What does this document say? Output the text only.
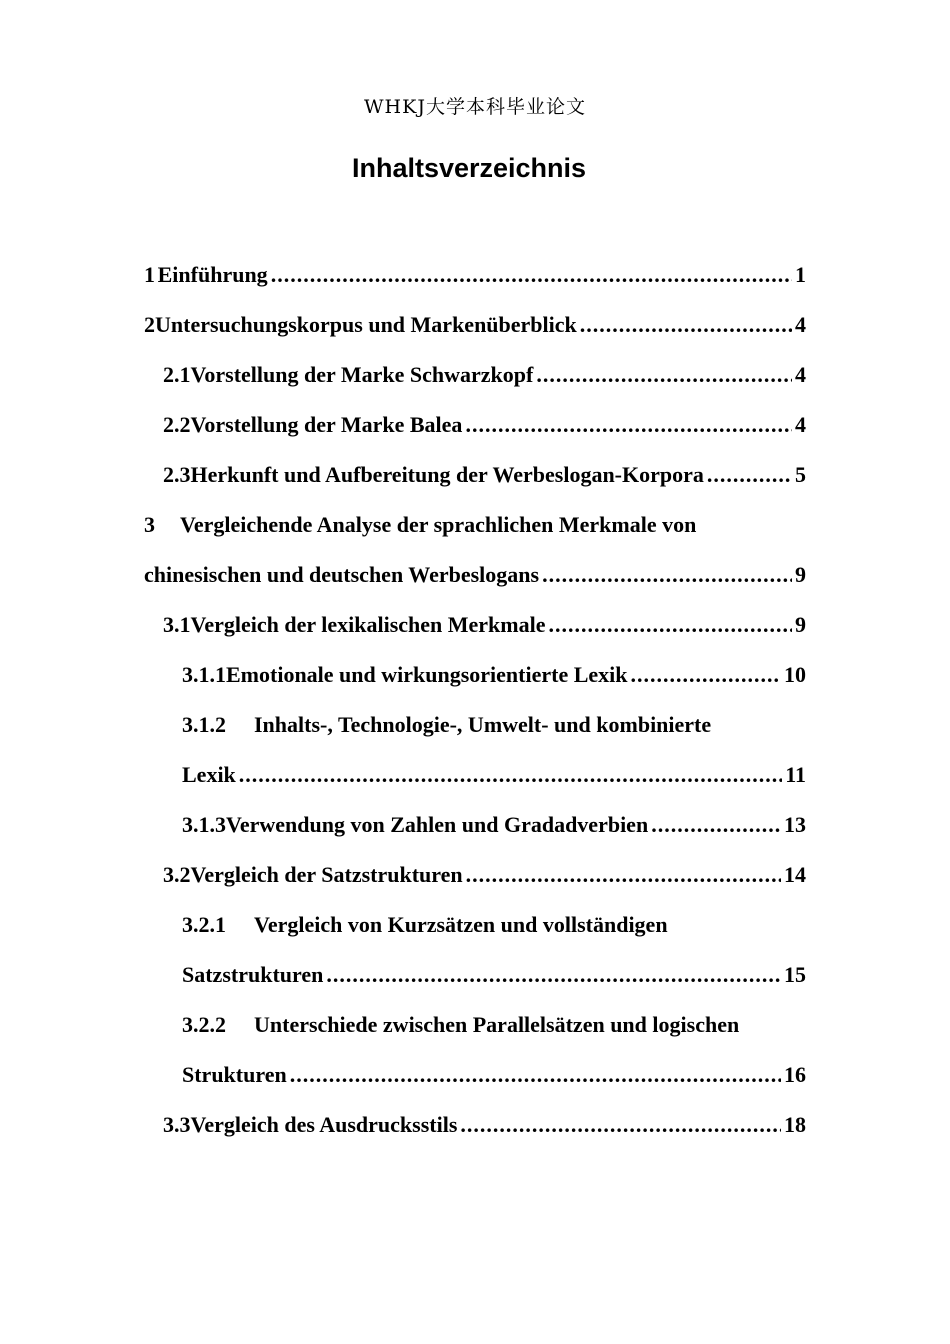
WHKJ大学本科毕业论文
Inhaltsverzeichnis
1 Einführung .....	1
2 Untersuchungskorpus und Markenüberblick .....	4
2.1 Vorstellung der Marke Schwarzkopf .....	4
2.2 Vorstellung der Marke Balea .....	4
2.3 Herkunft und Aufbereitung der Werbeslogan-Korpora .....	5
3 Vergleichende Analyse der sprachlichen Merkmale von
chinesischen und deutschen Werbeslogans .....	9
3.1 Vergleich der lexikalischen Merkmale .....	9
3.1.1 Emotionale und wirkungsorientierte Lexik .....	10
3.1.2 Inhalts-, Technologie-, Umwelt- und kombinierte
Lexik .....	11
3.1.3 Verwendung von Zahlen und Gradadverbien .....	13
3.2 Vergleich der Satzstrukturen .....	14
3.2.1 Vergleich von Kurzsätzen und vollständigen
Satzstrukturen .....	15
3.2.2 Unterschiede zwischen Parallelsätzen und logischen
Strukturen .....	16
3.3 Vergleich des Ausdrucksstils .....	18
